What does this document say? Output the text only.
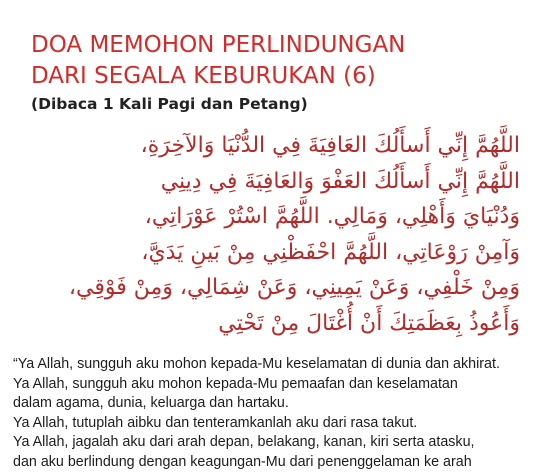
DOA MEMOHON PERLINDUNGAN
DARI SEGALA KEBURUKAN (6)

(Dibaca 1 Kali Pagi dan Petang)

اللَّهُمَّ إِنِّي أَسأَلُكَ العَافِيَةَ فِي الدُّنْيَا وَالآخِرَةِ،
اللَّهُمَّ إِنِّي أَسأَلُكَ العَفْوَ وَالعَافِيَةَ فِي دِينِي
وَدُنْيَايَ وَأَهْلِي، وَمَالِي. اللَّهُمَّ اسْتُرْ عَوْرَاتِي،
وَآمِنْ رَوْعَاتِي، اللَّهُمَّ احْفَظْنِي مِنْ بَينِ يَدَيَّ،
وَمِنْ خَلْفِي، وَعَنْ يَمِينِي، وَعَنْ شِمَالِي، وَمِنْ فَوْقِي،
وَأَعُوذُ بِعَظَمَتِكَ أَنْ أُغْتَالَ مِنْ تَحْتِي
“Ya Allah, sungguh aku mohon kepada-Mu keselamatan di dunia dan akhirat.
Ya Allah, sungguh aku mohon kepada-Mu pemaafan dan keselamatan
dalam agama, dunia, keluarga dan hartaku.
Ya Allah, tutuplah aibku dan tenteramkanlah aku dari rasa takut.
Ya Allah, jagalah aku dari arah depan, belakang, kanan, kiri serta atasku,
dan aku berlindung dengan keagungan-Mu dari penenggelaman ke arah
